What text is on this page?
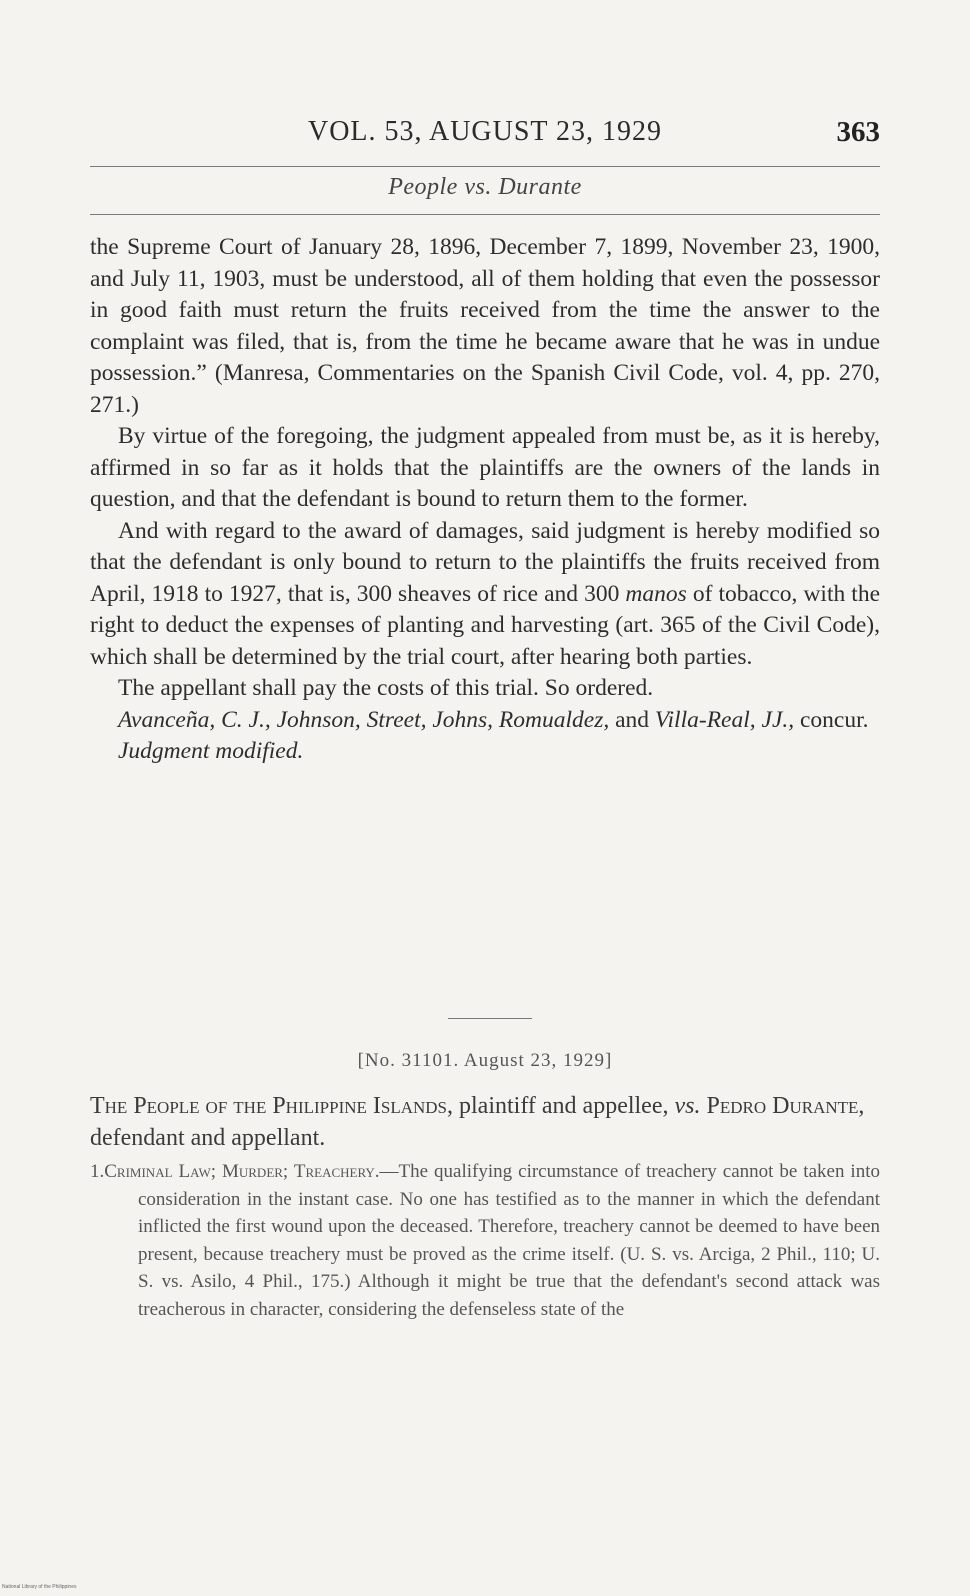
VOL. 53, AUGUST 23, 1929	363
People vs. Durante

the Supreme Court of January 28, 1896, December 7, 1899, November 23, 1900, and July 11, 1903, must be understood, all of them holding that even the possessor in good faith must return the fruits received from the time the answer to the complaint was filed, that is, from the time he became aware that he was in undue possession.” (Manresa, Commentaries on the Spanish Civil Code, vol. 4, pp. 270, 271.)

By virtue of the foregoing, the judgment appealed from must be, as it is hereby, affirmed in so far as it holds that the plaintiffs are the owners of the lands in question, and that the defendant is bound to return them to the former.

And with regard to the award of damages, said judgment is hereby modified so that the defendant is only bound to return to the plaintiffs the fruits received from April, 1918 to 1927, that is, 300 sheaves of rice and 300 manos of tobacco, with the right to deduct the expenses of planting and harvesting (art. 365 of the Civil Code), which shall be determined by the trial court, after hearing both parties.

The appellant shall pay the costs of this trial. So ordered.

Avanceña, C. J., Johnson, Street, Johns, Romualdez, and Villa-Real, JJ., concur.

Judgment modified.

[No. 31101. August 23, 1929]
The People of the Philippine Islands, plaintiff and appellee, vs. Pedro Durante, defendant and appellant.

1.Criminal Law; Murder; Treachery.—The qualifying circumstance of treachery cannot be taken into consideration in the instant case. No one has testified as to the manner in which the defendant inflicted the first wound upon the deceased. Therefore, treachery cannot be deemed to have been present, because treachery must be proved as the crime itself. (U. S. vs. Arciga, 2 Phil., 110; U. S. vs. Asilo, 4 Phil., 175.) Although it might be true that the defendant's second attack was treacherous in character, considering the defenseless state of the

National Library of the Philippines
